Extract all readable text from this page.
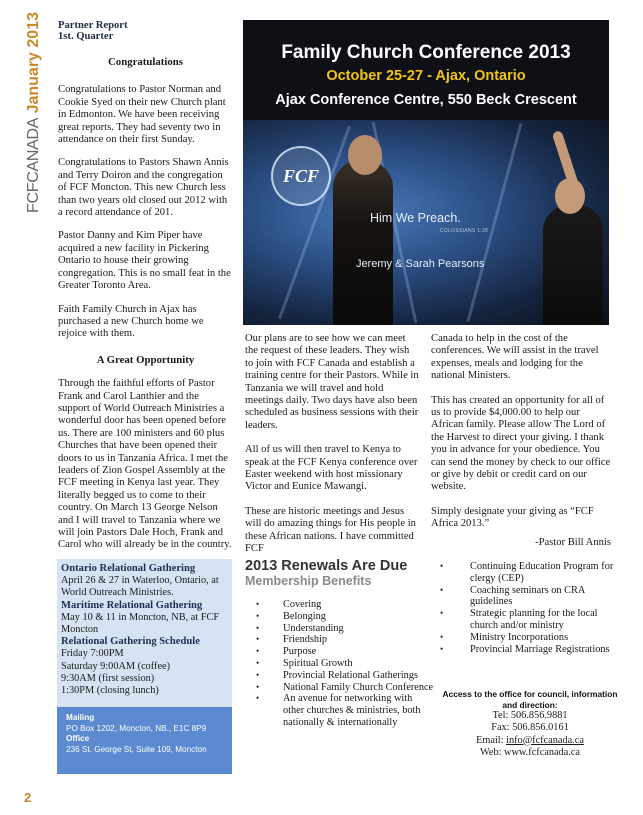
FCFCANADA January 2013	Partner Report
1st. Quarter
Congratulations

Congratulations to Pastor Norman and Cookie Syed on their new Church plant in Edmonton. We have been receiving great reports. They had seventy two in attendance on their first Sunday.

Congratulations to Pastors Shawn Annis and Terry Doiron and the congregation of FCF Moncton. This new Church less than two years old closed out 2012 with a record attendance of 201.

Pastor Danny and Kim Piper have acquired a new facility in Pickering Ontario to house their growing congregation. This is no small feat in the Greater Toronto Area.

Faith Family Church in Ajax has purchased a new Church home we rejoice with them.

A Great Opportunity

Through the faithful efforts of Pastor Frank and Carol Lanthier and the support of World Outreach Ministries a wonderful door has been opened before us. There are 100 ministers and 60 plus Churches that have been opened their doors to us in Tanzania Africa. I met the leaders of Zion Gospel Assembly at the FCF meeting in Kenya last year. They literally begged us to come to their country. On March 13 George Nelson and I will travel to Tanzania where we will join Pastors Dale Hoch, Frank and Carol who will already be in the country.

Family Church Conference 2013
October 25-27 - Ajax, Ontario
Ajax Conference Centre, 550 Beck Crescent
FCF
Him We Preach.
COLOSSIANS 1:28
Jeremy & Sarah Pearsons

Our plans are to see how we can meet the request of these leaders. They wish to join with FCF Canada and establish a training centre for their Pastors. While in Tanzania we will travel and hold meetings daily. Two days have also been scheduled as business sessions with their leaders.

All of us will then travel to Kenya to speak at the FCF Kenya conference over Easter weekend with host missionary Victor and Eunice Mawangi.

These are historic meetings and Jesus will do amazing things for His people in these African nations. I have committed FCF

Canada to help in the cost of the conferences. We will assist in the travel expenses, meals and lodging for the national Ministers.

This has created an opportunity for all of us to provide $4,000.00 to help our African family. Please allow The Lord of the Harvest to direct your giving. I thank you in advance for your obedience. You can send the money by check to our office or give by debit or credit card on our website.

Simply designate your giving as “FCF Africa 2013.”

-Pastor Bill Annis

Ontario Relational Gathering
April 26 & 27 in Waterloo, Ontario, at World Outreach Ministries.
Maritime Relational Gathering
May 10 & 11 in Moncton, NB, at FCF Moncton
Relational Gathering Schedule
Friday 7:00PM
Saturday 9:00AM (coffee)
9:30AM (first session)
1:30PM (closing lunch)
Mailing
PO Box 1202, Moncton, NB., E1C 8P9
Office
236 St. George St, Suite 109, Moncton
2013 Renewals Are Due
Membership Benefits
• Covering
• Belonging
• Understanding
• Friendship
• Purpose
• Spiritual Growth
• Provincial Relational Gatherings
• National Family Church Conference
• An avenue for networking with other churches & ministries, both nationally & internationally
•	Continuing Education Program for clergy (CEP)
•	Coaching seminars on CRA guidelines
•	Strategic planning for the local church and/or ministry
•	Ministry Incorporations
•	Provincial Marriage Registrations
Access to the office for council, information and direction:
Tel: 506.856.9881
Fax: 506.856.0161
Email: info@fcfcanada.ca
Web: www.fcfcanada.ca
2
